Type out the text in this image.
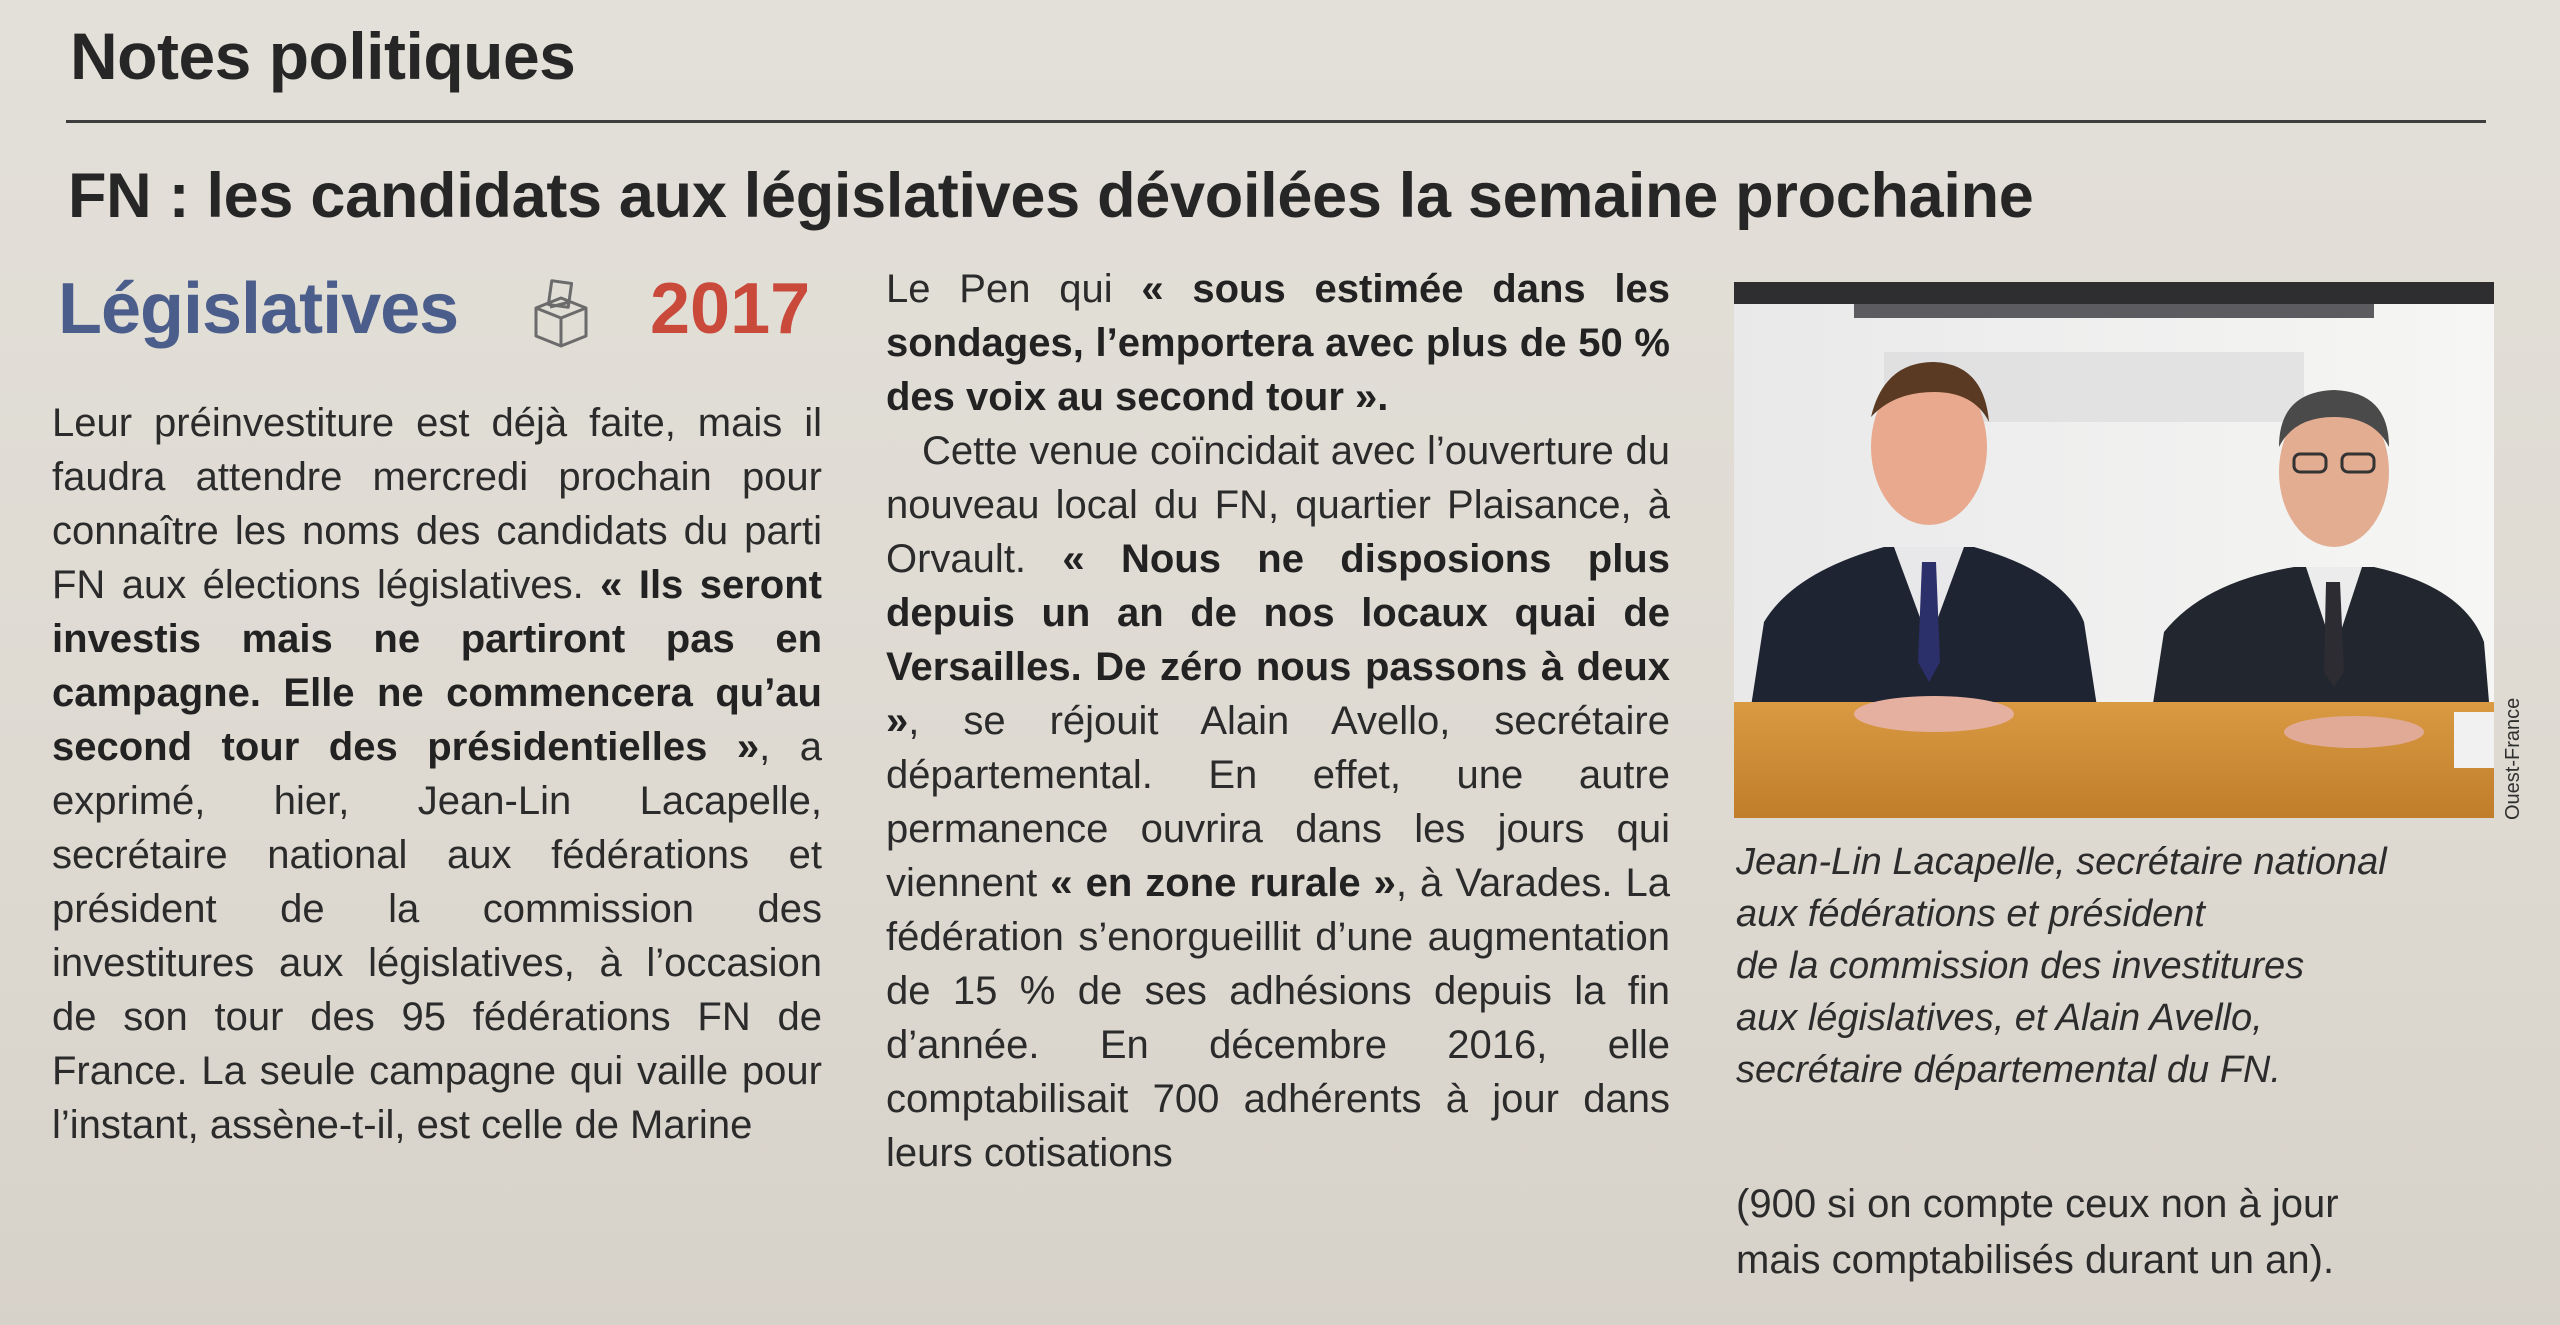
Notes politiques
FN : les candidats aux législatives dévoilées la semaine prochaine
Législatives	2017

Leur préinvestiture est déjà faite, mais il faudra attendre mercredi prochain pour connaître les noms des candidats du parti FN aux élections législatives. « Ils seront investis mais ne partiront pas en campagne. Elle ne commencera qu’au second tour des présidentielles », a exprimé, hier, Jean-Lin Lacapelle, secrétaire national aux fédérations et président de la commission des investitures aux législatives, à l’occasion de son tour des 95 fédérations FN de France. La seule campagne qui vaille pour l’instant, assène-t-il, est celle de Marine

Le Pen qui « sous estimée dans les sondages, l’emportera avec plus de 50 % des voix au second tour ».

Cette venue coïncidait avec l’ouverture du nouveau local du FN, quartier Plaisance, à Orvault. « Nous ne disposions plus depuis un an de nos locaux quai de Versailles. De zéro nous passons à deux », se réjouit Alain Avello, secrétaire départemental. En effet, une autre permanence ouvrira dans les jours qui viennent « en zone rurale », à Varades. La fédération s’enorgueillit d’une augmentation de 15 % de ses adhésions depuis la fin d’année. En décembre 2016, elle comptabilisait 700 adhérents à jour dans leurs cotisations

Ouest-France
Jean-Lin Lacapelle, secrétaire national
aux fédérations et président
de la commission des investitures
aux législatives, et Alain Avello,
secrétaire départemental du FN.
(900 si on compte ceux non à jour
mais comptabilisés durant un an).
